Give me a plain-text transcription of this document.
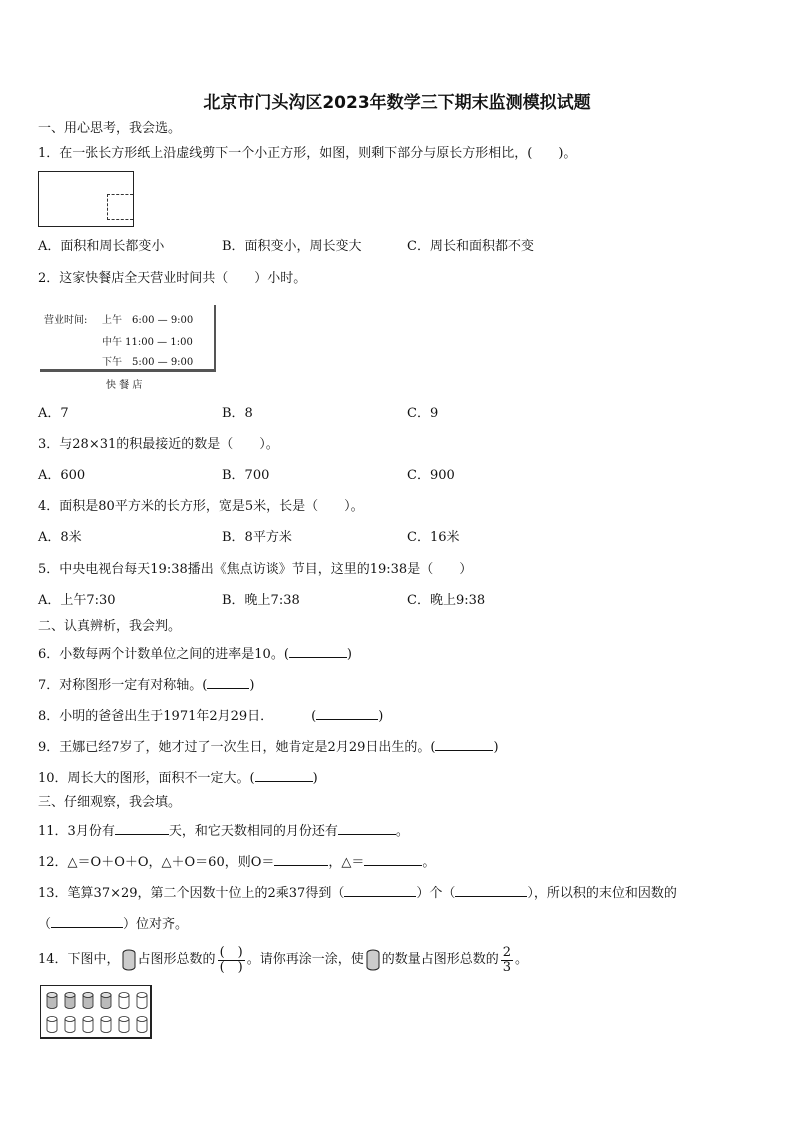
北京市门头沟区2023年数学三下期末监测模拟试题
一、用心思考，我会选。
1．在一张长方形纸上沿虚线剪下一个小正方形，如图，则剩下部分与原长方形相比，(　　)。
A．面积和周长都变小	B．面积变小，周长变大	C．周长和面积都不变
2．这家快餐店全天营业时间共（　　）小时。
营业时间: 上午　6:00 — 9:00
中午 11:00 — 1:00
下午　5:00 — 9:00
快 餐 店
A．7	B．8	C．9
3．与28×31的积最接近的数是（　　）。
A．600	B．700	C．900
4．面积是80平方米的长方形，宽是5米，长是（　　）。
A．8米	B．8平方米	C．16米
5．中央电视台每天19:38播出《焦点访谈》节目，这里的19:38是（　　）
A．上午7:30	B．晚上7:38	C．晚上9:38
二、认真辨析，我会判。
6．小数每两个计数单位之间的进率是10。(	)
7．对称图形一定有对称轴。(	)
8．小明的爸爸出生于1971年2月29日．	(	)
9．王娜已经7岁了，她才过了一次生日，她肯定是2月29日出生的。(	)
10．周长大的图形，面积不一定大。(	)
三、仔细观察，我会填。
11．3月份有	天，和它天数相同的月份还有	。
12．△＝O＋O＋O，△＋O＝60，则O＝	，△＝	。
13．笔算37×29，第二个因数十位上的2乘37得到（	）个（	），所以积的末位和因数的
（	）位对齐。
14．下图中， 占图形总数的 $\frac{( )}{( )}$ 。请你再涂一涂，使 的数量占图形总数的 $\frac{2}{3}$ 。
